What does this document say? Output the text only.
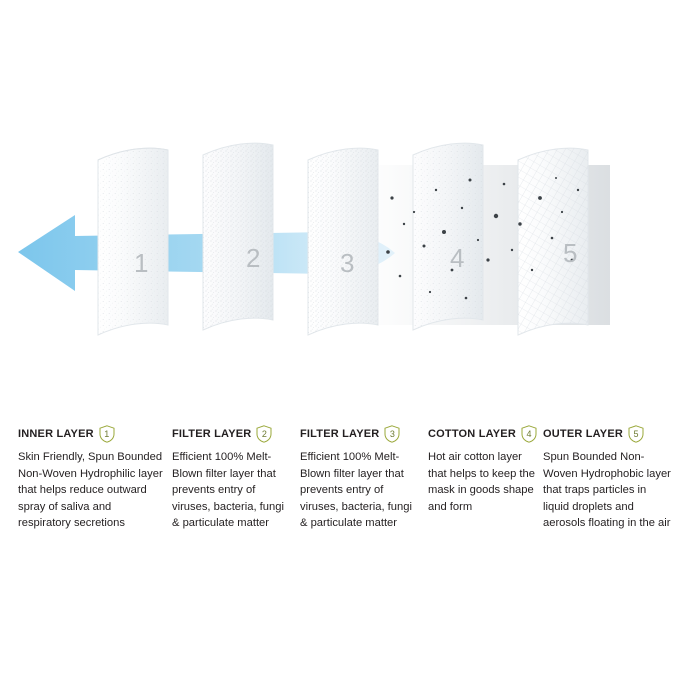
1	2	3	4	5
INNER LAYER	1
Skin Friendly, Spun Bounded Non-Woven Hydrophilic layer that helps reduce outward spray of saliva and respiratory secretions
FILTER LAYER	2
Efficient 100% Melt-Blown filter layer that prevents entry of viruses, bacteria, fungi & particulate matter
FILTER LAYER	3
Efficient 100% Melt-Blown filter layer that prevents entry of viruses, bacteria, fungi & particulate matter
COTTON LAYER	4
Hot air cotton layer that helps to keep the mask in goods shape and form
OUTER LAYER	5
Spun Bounded Non-Woven Hydrophobic layer that traps particles in liquid droplets and aerosols floating in the air
